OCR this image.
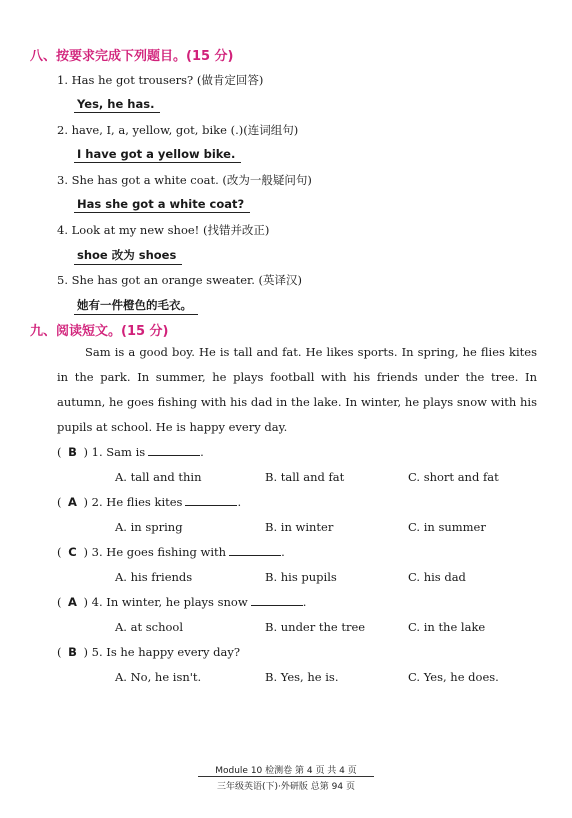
八、按要求完成下列题目。(15 分)
1. Has he got trousers? (做肯定回答)
Yes, he has.
2. have, I, a, yellow, got, bike (.)(连词组句)
I have got a yellow bike.
3. She has got a white coat. (改为一般疑问句)
Has she got a white coat?
4. Look at my new shoe! (找错并改正)
shoe 改为 shoes
5. She has got an orange sweater. (英译汉)
她有一件橙色的毛衣。
九、阅读短文。(15 分)
Sam is a good boy. He is tall and fat. He likes sports. In spring, he flies kites in the park. In summer, he plays football with his friends under the tree. In autumn, he goes fishing with his dad in the lake. In winter, he plays snow with his pupils at school. He is happy every day.
( B ) 1. Sam is	.
A. tall and thin	B. tall and fat	C. short and fat
( A ) 2. He flies kites	.
A. in spring	B. in winter	C. in summer
( C ) 3. He goes fishing with	.
A. his friends	B. his pupils	C. his dad
( A ) 4. In winter, he plays snow	.
A. at school	B. under the tree	C. in the lake
( B ) 5. Is he happy every day?
A. No, he isn't.	B. Yes, he is.	C. Yes, he does.
Module 10 检测卷 第 4 页 共 4 页
三年级英语(下)·外研版 总第 94 页
